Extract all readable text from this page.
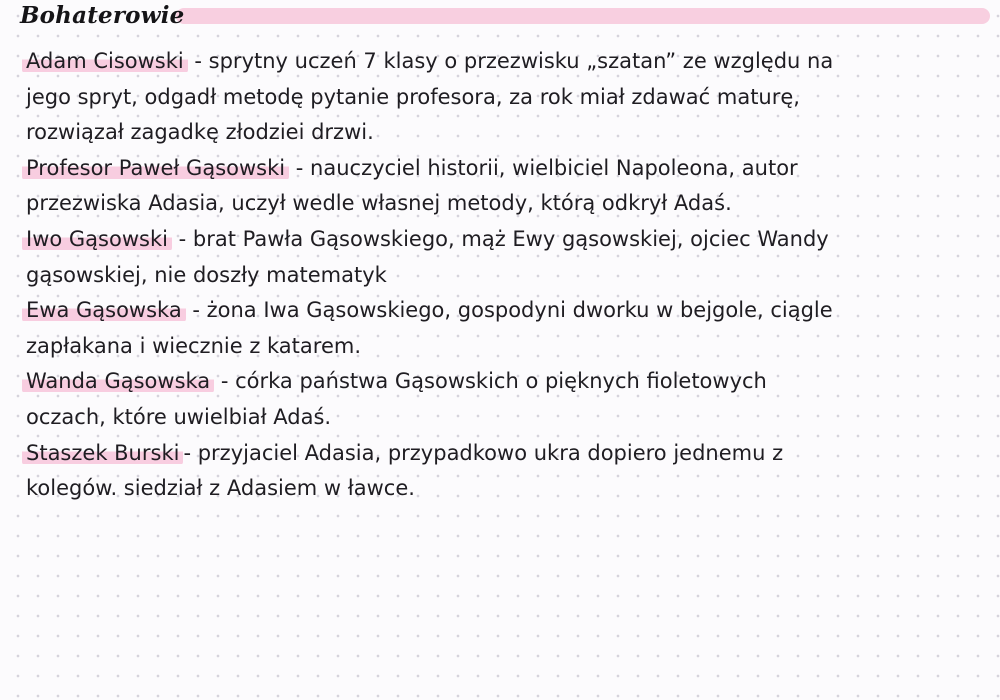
Bohaterowie

Adam Cisowski - sprytny uczeń 7 klasy o przezwisku „szatan” ze względu na jego spryt, odgadł metodę pytanie profesora, za rok miał zdawać maturę, rozwiązał zagadkę złodziei drzwi.

Profesor Paweł Gąsowski - nauczyciel historii, wielbiciel Napoleona, autor przezwiska Adasia, uczył wedle własnej metody, którą odkrył Adaś.

Iwo Gąsowski - brat Pawła Gąsowskiego, mąż Ewy gąsowskiej, ojciec Wandy gąsowskiej, nie doszły matematyk

Ewa Gąsowska - żona Iwa Gąsowskiego, gospodyni dworku w bejgole, ciągle zapłakana i wiecznie z katarem.

Wanda Gąsowska - córka państwa Gąsowskich o pięknych fioletowych oczach, które uwielbiał Adaś.

Staszek Burski - przyjaciel Adasia, przypadkowo ukra dopiero jednemu z kolegów. siedział z Adasiem w ławce.
